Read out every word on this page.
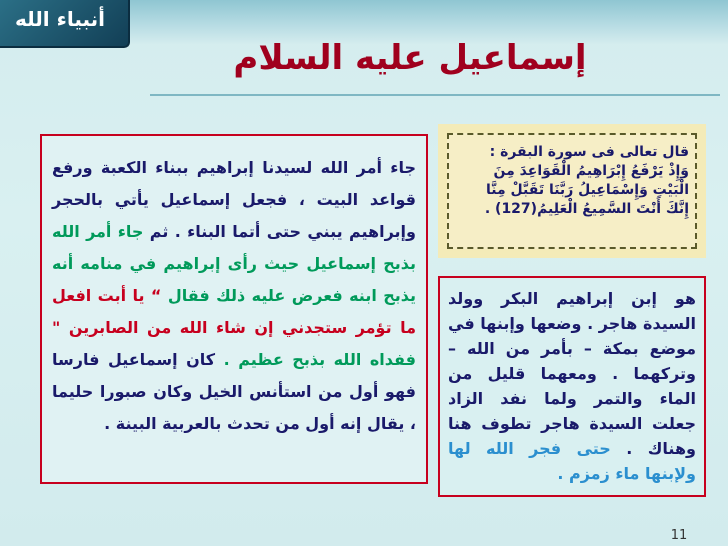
أنبياء الله
إسماعيل عليه السلام
قال تعالى فى سورة البقرة :
وَإِذْ يَرْفَعُ إِبْرَاهِيمُ الْقَوَاعِدَ مِنَ
الْبَيْتِ وَإِسْمَاعِيلُ رَبَّنَا تَقَبَّلْ مِنَّا
إِنَّكَ أَنْتَ السَّمِيعُ الْعَلِيمُ(127) .
جاء أمر الله لسيدنا إبراهيم ببناء الكعبة ورفع قواعد البيت ، فجعل إسماعيل يأتي بالحجر وإبراهيم يبني حتى أتما البناء . ثم جاء أمر الله بذبح إسماعيل حيث رأى إبراهيم في منامه أنه يذبح ابنه فعرض عليه ذلك فقال “ يا أبت افعل ما تؤمر ستجدني إن شاء الله من الصابرين " ففداه الله بذبح عظيم . كان إسماعيل فارسا فهو أول من استأنس الخيل وكان صبورا حليما ، يقال إنه أول من تحدث بالعربية البينة .
هو إبن إبراهيم البكر وولد السيدة هاجر . وضعها وإبنها في موضع بمكة – بأمر من الله – وتركهما . ومعهما قليل من الماء والتمر ولما نفد الزاد جعلت السيدة هاجر تطوف هنا وهناك . حتى فجر الله لها ولإبنها ماء زمزم .
11
